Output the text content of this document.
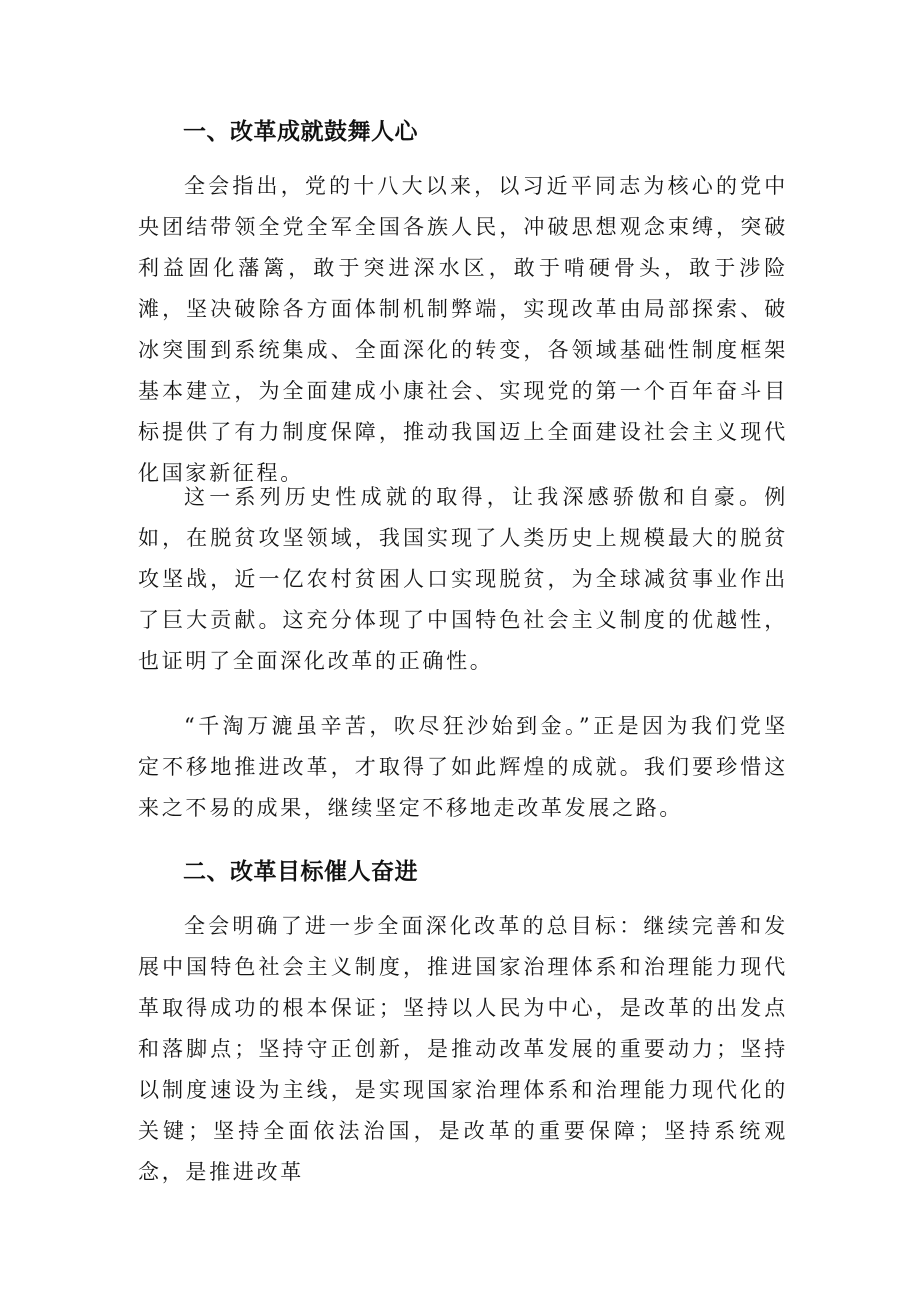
一、改革成就鼓舞人心

全会指出，党的十八大以来，以习近平同志为核心的党中央团结带领全党全军全国各族人民，冲破思想观念束缚，突破利益固化藩篱，敢于突进深水区，敢于啃硬骨头，敢于涉险滩，坚决破除各方面体制机制弊端，实现改革由局部探索、破冰突围到系统集成、全面深化的转变，各领域基础性制度框架基本建立，为全面建成小康社会、实现党的第一个百年奋斗目标提供了有力制度保障，推动我国迈上全面建设社会主义现代化国家新征程。

这一系列历史性成就的取得，让我深感骄傲和自豪。例如，在脱贫攻坚领域，我国实现了人类历史上规模最大的脱贫攻坚战，近一亿农村贫困人口实现脱贫，为全球减贫事业作出了巨大贡献。这充分体现了中国特色社会主义制度的优越性，也证明了全面深化改革的正确性。

“千淘万漉虽辛苦，吹尽狂沙始到金。”正是因为我们党坚定不移地推进改革，才取得了如此辉煌的成就。我们要珍惜这来之不易的成果，继续坚定不移地走改革发展之路。

二、改革目标催人奋进

全会明确了进一步全面深化改革的总目标：继续完善和发展中国特色社会主义制度，推进国家治理体系和治理能力现代革取得成功的根本保证；坚持以人民为中心，是改革的出发点和落脚点；坚持守正创新，是推动改革发展的重要动力；坚持以制度速设为主线，是实现国家治理体系和治理能力现代化的关键；坚持全面依法治国，是改革的重要保障；坚持系统观念，是推进改革
